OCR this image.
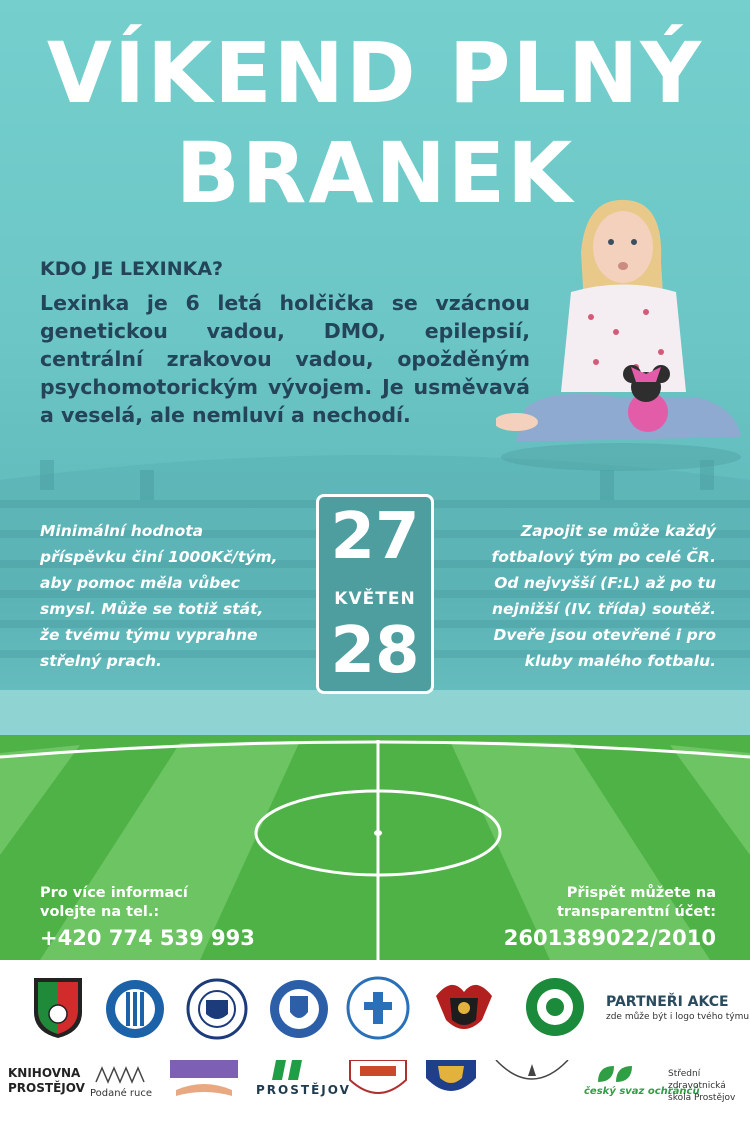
VÍKEND PLNÝ
BRANEK
KDO JE LEXINKA?
Lexinka je 6 letá holčička se vzácnou genetickou vadou, DMO, epilepsií, centrální zrakovou vadou, opožděným psychomotorickým vývojem. Je usměvavá a veselá, ale nemluví a nechodí.
Minimální hodnota
příspěvku činí 1000Kč/tým,
aby pomoc měla vůbec
smysl. Může se totiž stát,
že tvému týmu vyprahne
střelný prach.
27
KVĚTEN
28
Zapojit se může každý
fotbalový tým po celé ČR.
Od nejvyšší (F:L) až po tu
nejnižší (IV. třída) soutěž.
Dveře jsou otevřené i pro
kluby malého fotbalu.
Pro více informací
volejte na tel.:
+420 774 539 993
Přispět můžete na
transparentní účet:
2601389022/2010
PARTNEŘI AKCE
zde může být i logo tvého týmu
KNIHOVNA
PROSTĚJOV Podané ruce	PROSTĚJOV	český svaz ochránců
Střední zdravotnická
škola Prostějov
